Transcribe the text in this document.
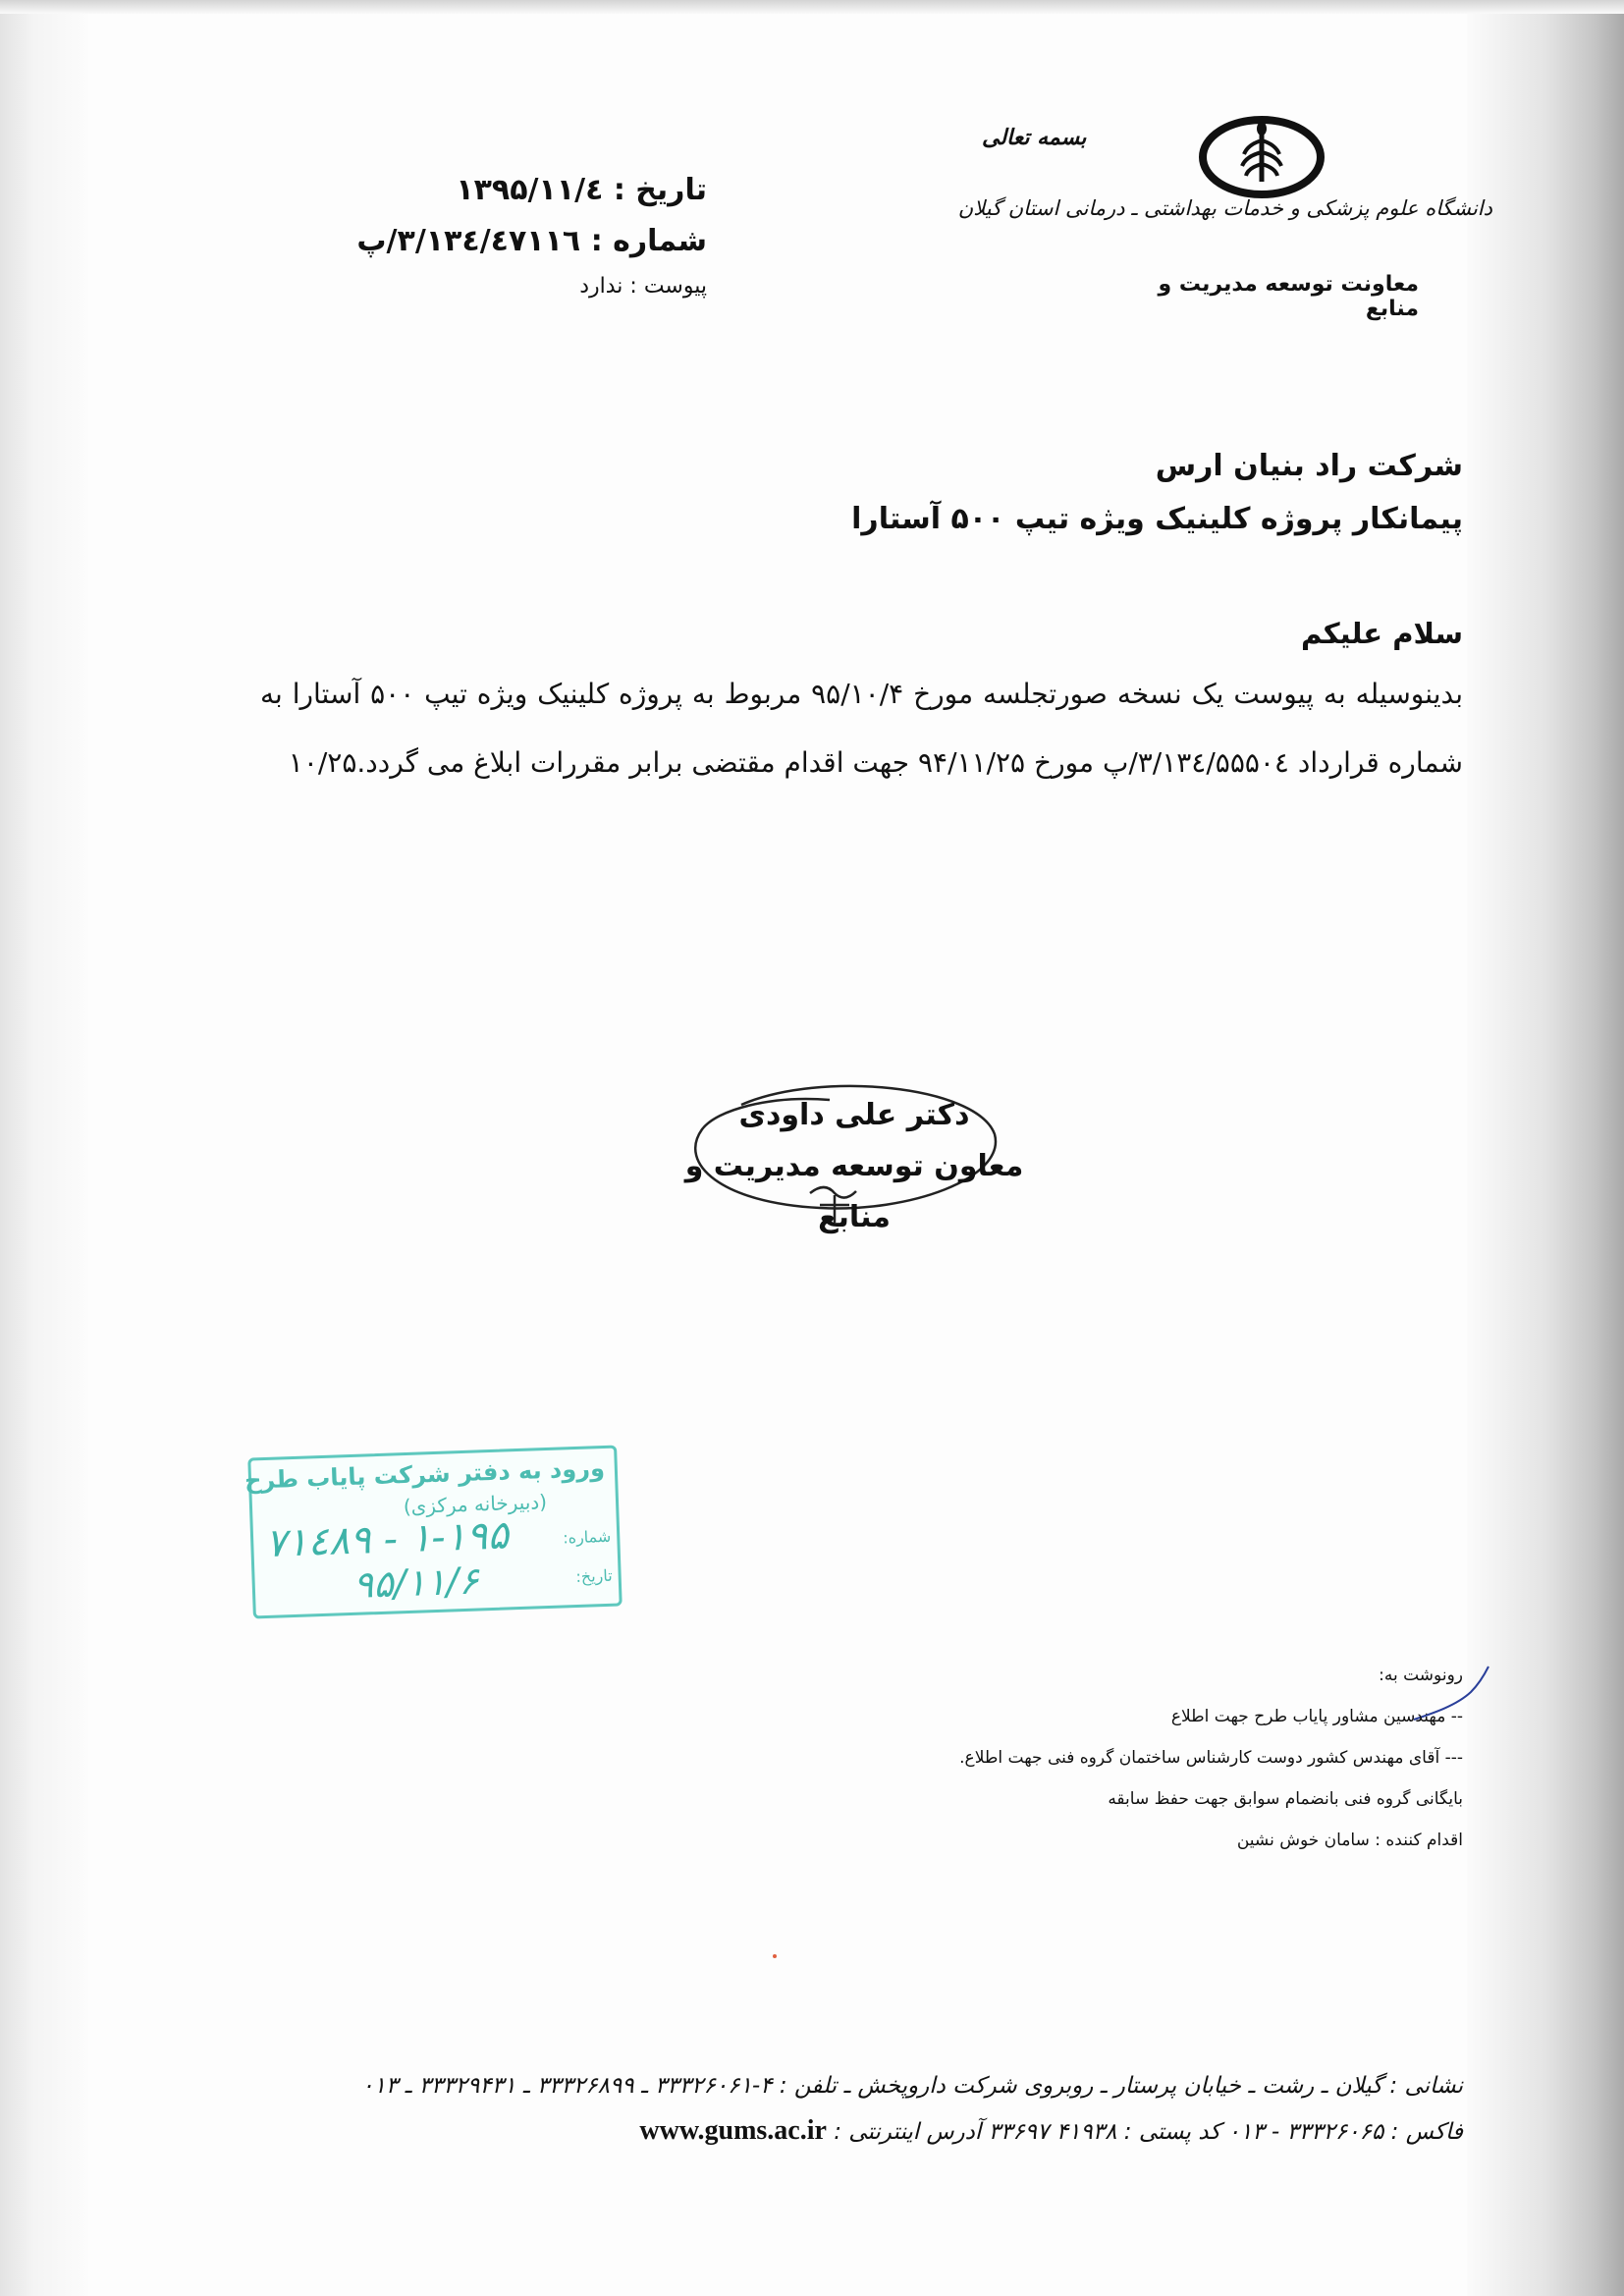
بسمه تعالی
دانشگاه علوم پزشکی و خدمات بهداشتی ـ درمانی استان گیلان
معاونت توسعه مدیریت و منابع
تاریخ : ۱۳۹۵/۱۱/٤
شماره : ۳/۱۳٤/٤۷۱۱٦/پ
پیوست : ندارد
شرکت راد بنیان ارس
پیمانکار پروژه کلینیک ویژه تیپ ۵۰۰ آستارا
سلام علیکم
بدینوسیله به پیوست یک نسخه صورتجلسه مورخ ۹۵/۱۰/۴ مربوط به پروژه کلینیک ویژه تیپ ۵۰۰ آستارا به شماره قرارداد ۳/۱۳٤/۵۵۵۰٤/پ مورخ ۹۴/۱۱/۲۵ جهت اقدام مقتضی برابر مقررات ابلاغ می گردد.۱۰/۲۵
دکتر علی داودی
معاون توسعه مدیریت و منابع
ورود به دفتر شرکت پایاب طرح
(دبیرخانه مرکزی)
شماره:
تاریخ:
۱-۱۹۵ - ۷۱٤۸۹
۹۵/۱۱/۶
رونوشت به:
-- مهندسین مشاور پایاب طرح جهت اطلاع
--- آقای مهندس کشور دوست کارشناس ساختمان گروه فنی جهت اطلاع.
بایگانی گروه فنی بانضمام سوابق جهت حفظ سابقه
اقدام کننده : سامان خوش نشین
نشانی : گیلان ـ رشت ـ خیابان پرستار ـ روبروی شرکت داروپخش ـ تلفن : ۴-۳۳۳۲۶۰۶۱ ـ ۳۳۳۲۶۸۹۹ ـ ۳۳۳۲۹۴۳۱ ـ ۰۱۳
فاکس : ۳۳۳۲۶۰۶۵ - ۰۱۳ کد پستی : ۴۱۹۳۸ ۳۳۶۹۷ آدرس اینترنتی : www.gums.ac.ir
